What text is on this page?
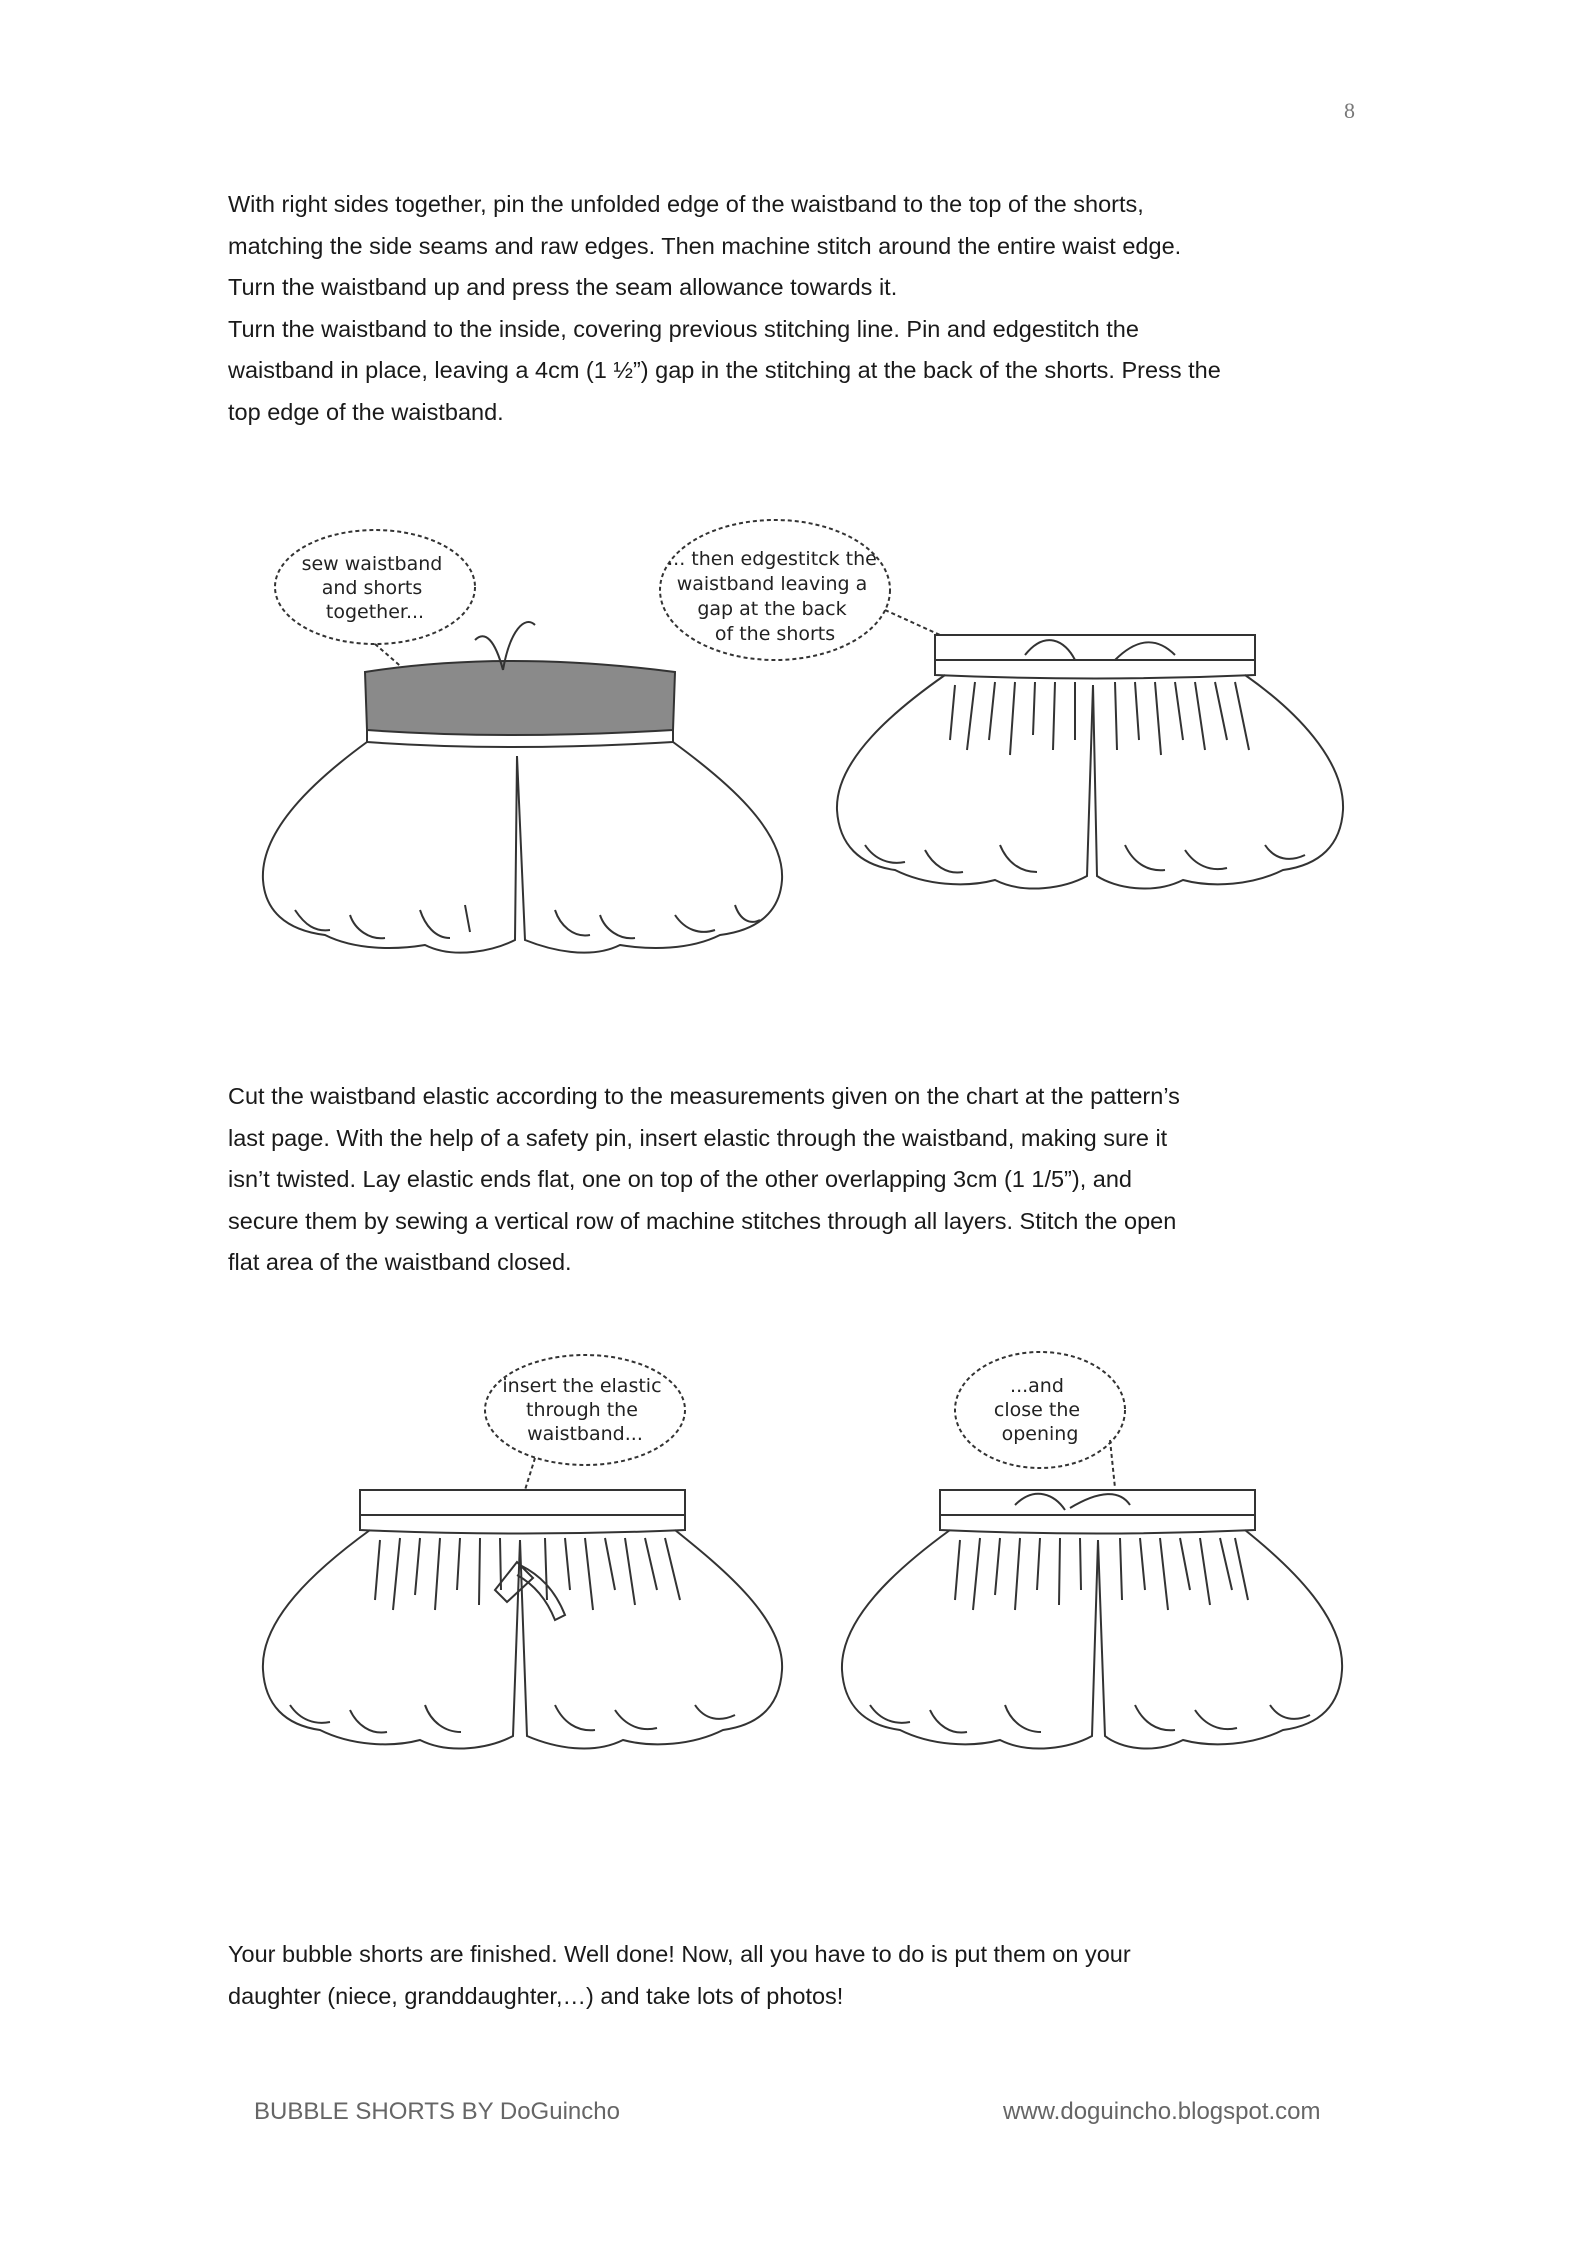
8

With right sides together, pin the unfolded edge of the waistband to the top of the shorts,

matching the side seams and raw edges. Then machine stitch around the entire waist edge.

Turn the waistband up and press the seam allowance towards it.

Turn the waistband to the inside, covering previous stitching line. Pin and edgestitch the

waistband in place, leaving a 4cm (1 ½”) gap in the stitching at the back of the shorts. Press the

top edge of the waistband.

sew waistband and shorts together...
... then edgestitck the waistband leaving a gap at the back of the shorts

Cut the waistband elastic according to the measurements given on the chart at the pattern’s

last page. With the help of a safety pin, insert elastic through the waistband, making sure it

isn’t twisted. Lay elastic ends flat, one on top of the other overlapping 3cm (1 1/5”), and

secure them by sewing a vertical row of machine stitches through all layers. Stitch the open

flat area of the waistband closed.

insert the elastic through the waistband...
...and close the opening

Your bubble shorts are finished. Well done! Now, all you have to do is put them on your

daughter (niece, granddaughter,…) and take lots of photos!

BUBBLE SHORTS BY DoGuincho	www.doguincho.blogspot.com
